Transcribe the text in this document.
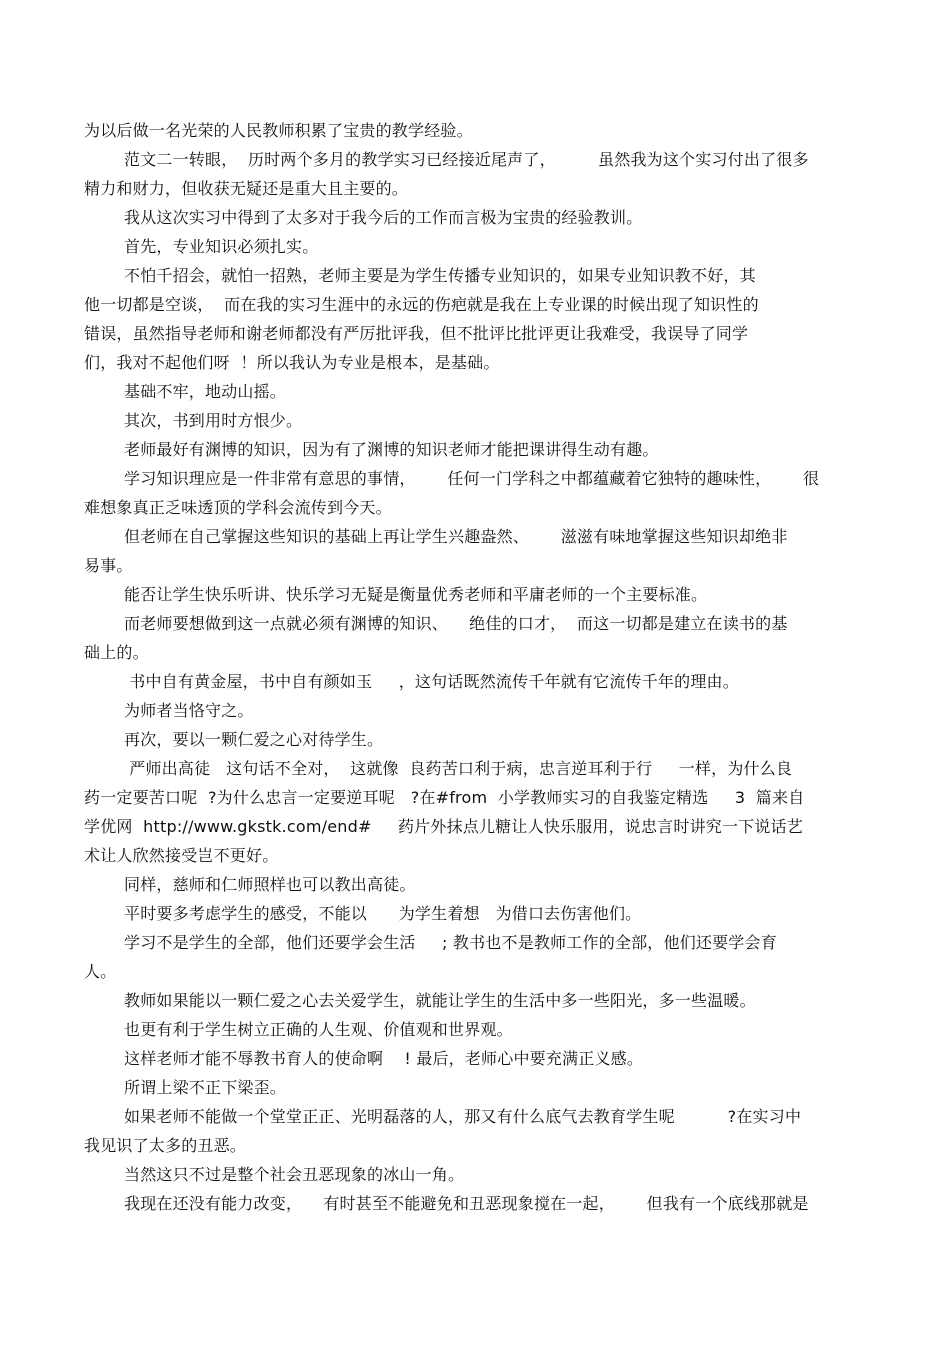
为以后做一名光荣的人民教师积累了宝贵的教学经验。
范文二一转眼，  历时两个多月的教学实习已经接近尾声了，        虽然我为这个实习付出了很多
精力和财力，但收获无疑还是重大且主要的。
我从这次实习中得到了太多对于我今后的工作而言极为宝贵的经验教训。
首先，专业知识必须扎实。
不怕千招会，就怕一招熟，老师主要是为学生传播专业知识的，如果专业知识教不好，其
他一切都是空谈，  而在我的实习生涯中的永远的伤疤就是我在上专业课的时候出现了知识性的
错误，虽然指导老师和谢老师都没有严厉批评我，但不批评比批评更让我难受，我误导了同学
们，我对不起他们呀  ！所以我认为专业是根本，是基础。
基础不牢，地动山摇。
其次，书到用时方恨少。
老师最好有渊博的知识，因为有了渊博的知识老师才能把课讲得生动有趣。
学习知识理应是一件非常有意思的事情，      任何一门学科之中都蕴藏着它独特的趣味性，      很
难想象真正乏味透顶的学科会流传到今天。
但老师在自己掌握这些知识的基础上再让学生兴趣盎然、      滋滋有味地掌握这些知识却绝非
易事。
能否让学生快乐听讲、快乐学习无疑是衡量优秀老师和平庸老师的一个主要标准。
而老师要想做到这一点就必须有渊博的知识、    绝佳的口才，  而这一切都是建立在读书的基
础上的。
书中自有黄金屋，书中自有颜如玉     ，这句话既然流传千年就有它流传千年的理由。
为师者当恪守之。
再次，要以一颗仁爱之心对待学生。
严师出高徒   这句话不全对，  这就像  良药苦口利于病，忠言逆耳利于行     一样，为什么良
药一定要苦口呢  ?为什么忠言一定要逆耳呢   ?在#from  小学教师实习的自我鉴定精选     3  篇来自
学优网  http://www.gkstk.com/end#     药片外抹点儿糖让人快乐服用，说忠言时讲究一下说话艺
术让人欣然接受岂不更好。
同样，慈师和仁师照样也可以教出高徒。
平时要多考虑学生的感受，不能以      为学生着想   为借口去伤害他们。
学习不是学生的全部，他们还要学会生活     ; 教书也不是教师工作的全部，他们还要学会育
人。
教师如果能以一颗仁爱之心去关爱学生，就能让学生的生活中多一些阳光，多一些温暖。
也更有利于学生树立正确的人生观、价值观和世界观。
这样老师才能不辱教书育人的使命啊    ! 最后，老师心中要充满正义感。
所谓上梁不正下梁歪。
如果老师不能做一个堂堂正正、光明磊落的人，那又有什么底气去教育学生呢          ?在实习中
我见识了太多的丑恶。
当然这只不过是整个社会丑恶现象的冰山一角。
我现在还没有能力改变，    有时甚至不能避免和丑恶现象搅在一起，      但我有一个底线那就是
